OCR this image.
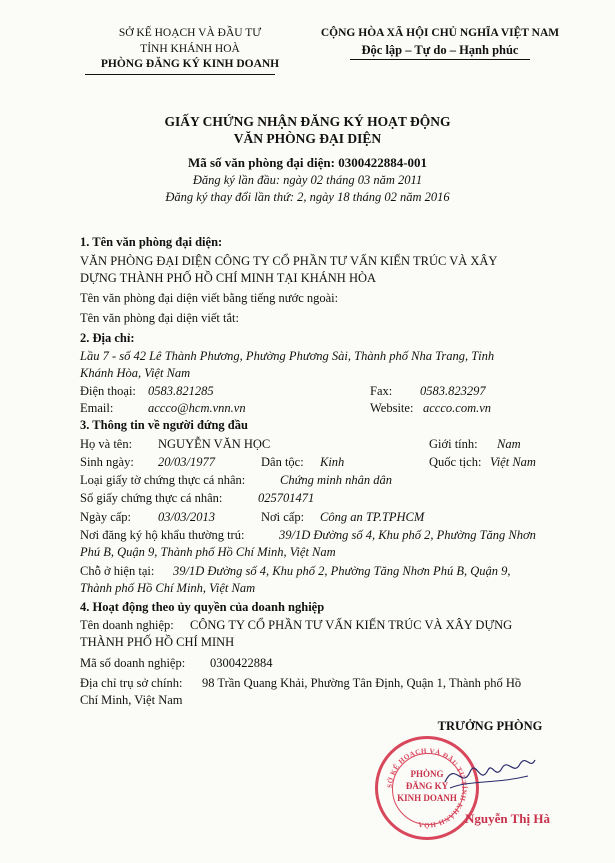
SỞ KẾ HOẠCH VÀ ĐẦU TƯ
TỈNH KHÁNH HOÀ
PHÒNG ĐĂNG KÝ KINH DOANH
CỘNG HÒA XÃ HỘI CHỦ NGHĨA VIỆT NAM
Độc lập – Tự do – Hạnh phúc
GIẤY CHỨNG NHẬN ĐĂNG KÝ HOẠT ĐỘNG
VĂN PHÒNG ĐẠI DIỆN
Mã số văn phòng đại diện: 0300422884-001
Đăng ký lần đầu: ngày 02 tháng 03 năm 2011
Đăng ký thay đổi lần thứ: 2, ngày 18 tháng 02 năm 2016
1. Tên văn phòng đại diện:
VĂN PHÒNG ĐẠI DIỆN CÔNG TY CỔ PHẦN TƯ VẤN KIẾN TRÚC VÀ XÂY
DỰNG THÀNH PHỐ HỒ CHÍ MINH TẠI KHÁNH HÒA
Tên văn phòng đại diện viết bằng tiếng nước ngoài:
Tên văn phòng đại diện viết tắt:
2. Địa chỉ:
Lầu 7 - số 42 Lê Thành Phương, Phường Phương Sài, Thành phố Nha Trang, Tỉnh
Khánh Hòa, Việt Nam
Điện thoại: 0583.821285	Fax: 0583.823297
Email:	accco@hcm.vnn.vn	Website: accco.com.vn
3. Thông tin về người đứng đầu
Họ và tên: NGUYỄN VĂN HỌC	Giới tính: Nam
Sinh ngày: 20/03/1977	Dân tộc: Kinh	Quốc tịch: Việt Nam
Loại giấy tờ chứng thực cá nhân:	Chứng minh nhân dân
Số giấy chứng thực cá nhân:	025701471
Ngày cấp: 03/03/2013	Nơi cấp: Công an TP.TPHCM
Nơi đăng ký hộ khẩu thường trú:	39/1D Đường số 4, Khu phố 2, Phường Tăng Nhơn
Phú B, Quận 9, Thành phố Hồ Chí Minh, Việt Nam
Chỗ ở hiện tại: 39/1D Đường số 4, Khu phố 2, Phường Tăng Nhơn Phú B, Quận 9,
Thành phố Hồ Chí Minh, Việt Nam
4. Hoạt động theo ủy quyền của doanh nghiệp
Tên doanh nghiệp: CÔNG TY CỔ PHẦN TƯ VẤN KIẾN TRÚC VÀ XÂY DỰNG
THÀNH PHỐ HỒ CHÍ MINH
Mã số doanh nghiệp: 0300422884
Địa chỉ trụ sở chính: 98 Trần Quang Khải, Phường Tân Định, Quận 1, Thành phố Hồ
Chí Minh, Việt Nam
TRƯỞNG PHÒNG
SỞ KẾ HOẠCH VÀ ĐẦU TƯ TỈNH KHÁNH HÒA
PHÒNG
ĐĂNG KÝ
KINH DOANH
Nguyễn Thị Hà
